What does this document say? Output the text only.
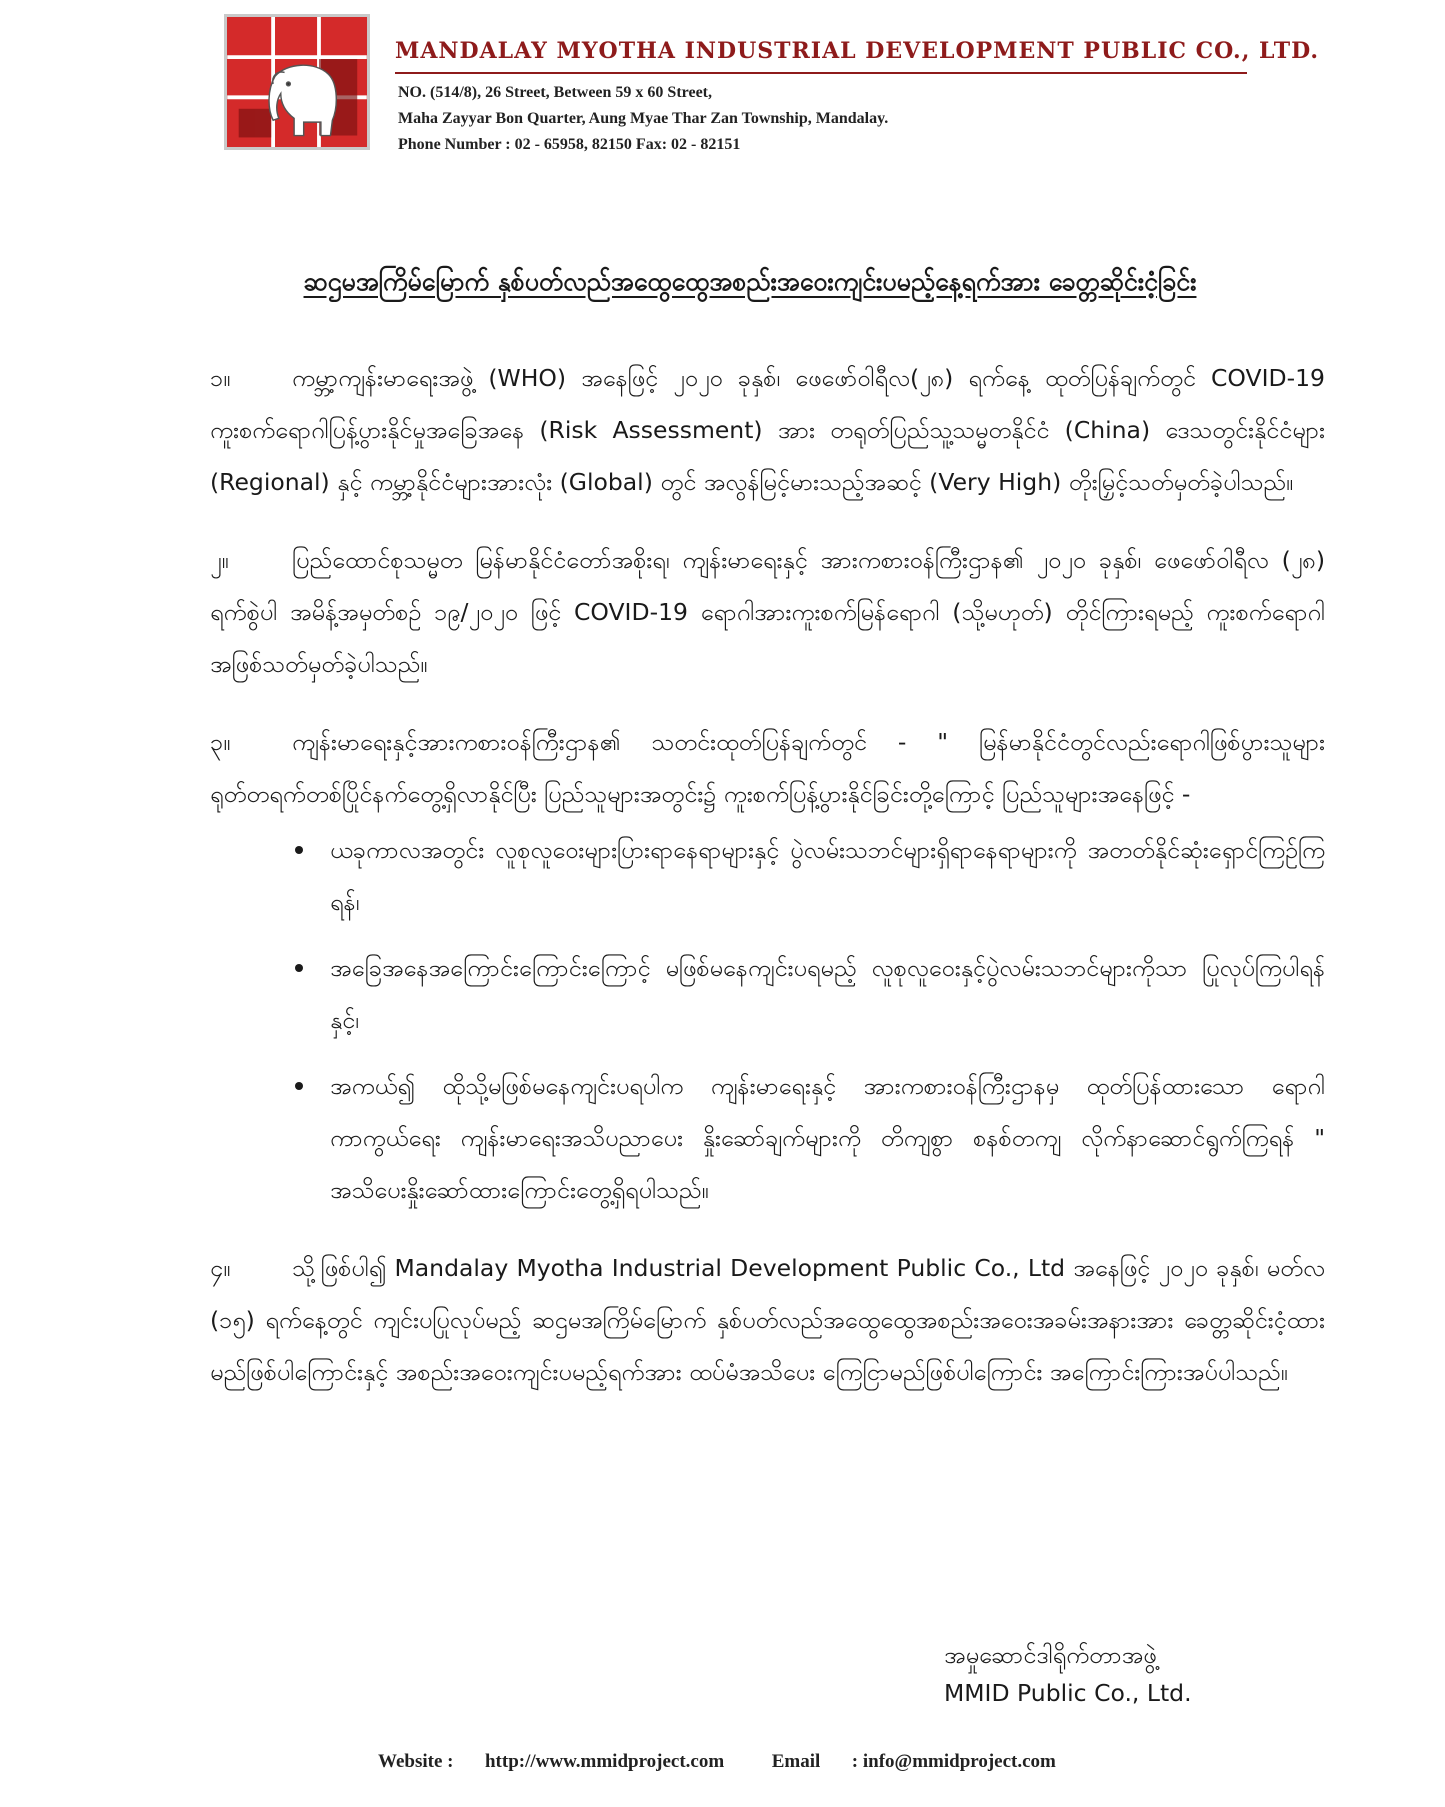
MANDALAY MYOTHA INDUSTRIAL DEVELOPMENT PUBLIC CO., LTD.
NO. (514/8), 26 Street, Between 59 x 60 Street,
Maha Zayyar Bon Quarter, Aung Myae Thar Zan Township, Mandalay.
Phone Number : 02 - 65958, 82150 Fax: 02 - 82151
ဆဌမအကြိမ်မြောက် နှစ်ပတ်လည်အထွေထွေအစည်းအဝေးကျင်းပမည့်နေ့ရက်အား ခေတ္တဆိုင်းငံ့ခြင်း

၁။	ကမ္ဘာ့ကျန်းမာရေးအဖွဲ့ (WHO) အနေဖြင့် ၂၀၂၀ ခုနှစ်၊ ဖေဖော်ဝါရီလ(၂၈) ရက်နေ့ ထုတ်ပြန်ချက်တွင် COVID-19 ကူးစက်ရောဂါပြန့်ပွားနိုင်မှုအခြေအနေ (Risk Assessment) အား တရုတ်ပြည်သူ့သမ္မတနိုင်ငံ (China) ဒေသတွင်းနိုင်ငံများ (Regional) နှင့် ကမ္ဘာ့နိုင်ငံများအားလုံး (Global) တွင် အလွန်မြင့်မားသည့်အဆင့် (Very High) တိုးမြှင့်သတ်မှတ်ခဲ့ပါသည်။

၂။	ပြည်ထောင်စုသမ္မတ မြန်မာနိုင်ငံတော်အစိုးရ၊ ကျန်းမာရေးနှင့် အားကစားဝန်ကြီးဌာန၏ ၂၀၂၀ ခုနှစ်၊ ဖေဖော်ဝါရီလ (၂၈) ရက်စွဲပါ အမိန့်အမှတ်စဉ် ၁၉/၂၀၂၀ ဖြင့် COVID-19 ရောဂါအားကူးစက်မြန်ရောဂါ (သို့မဟုတ်) တိုင်ကြားရမည့် ကူးစက်ရောဂါအဖြစ်သတ်မှတ်ခဲ့ပါသည်။

၃။	ကျန်းမာရေးနှင့်အားကစားဝန်ကြီးဌာန၏ သတင်းထုတ်ပြန်ချက်တွင် - " မြန်မာနိုင်ငံတွင်လည်းရောဂါဖြစ်ပွားသူများ ရုတ်တရက်တစ်ပြိုင်နက်တွေ့ရှိလာနိုင်ပြီး ပြည်သူများအတွင်း၌ ကူးစက်ပြန့်ပွားနိုင်ခြင်းတို့ကြောင့် ပြည်သူများအနေဖြင့် -

ယခုကာလအတွင်း လူစုလူဝေးများပြားရာနေရာများနှင့် ပွဲလမ်းသဘင်များရှိရာနေရာများကို အတတ်နိုင်ဆုံးရှောင်ကြဉ်ကြရန်၊
အခြေအနေအကြောင်းကြောင်းကြောင့် မဖြစ်မနေကျင်းပရမည့် လူစုလူဝေးနှင့်ပွဲလမ်းသဘင်များကိုသာ ပြုလုပ်ကြပါရန်နှင့်၊
အကယ်၍ ထိုသို့မဖြစ်မနေကျင်းပရပါက ကျန်းမာရေးနှင့် အားကစားဝန်ကြီးဌာနမှ ထုတ်ပြန်ထားသော ရောဂါကာကွယ်ရေး ကျန်းမာရေးအသိပညာပေး နှိုးဆော်ချက်များကို တိကျစွာ စနစ်တကျ လိုက်နာဆောင်ရွက်ကြရန် " အသိပေးနှိုးဆော်ထားကြောင်းတွေ့ရှိရပါသည်။

၄။	သို့ဖြစ်ပါ၍ Mandalay Myotha Industrial Development Public Co., Ltd အနေဖြင့် ၂၀၂၀ ခုနှစ်၊ မတ်လ (၁၅) ရက်နေ့တွင် ကျင်းပပြုလုပ်မည့် ဆဌမအကြိမ်မြောက် နှစ်ပတ်လည်အထွေထွေအစည်းအဝေးအခမ်းအနားအား ခေတ္တဆိုင်းငံ့ထားမည်ဖြစ်ပါကြောင်းနှင့် အစည်းအဝေးကျင်းပမည့်ရက်အား ထပ်မံအသိပေး ကြေငြာမည်ဖြစ်ပါကြောင်း အကြောင်းကြားအပ်ပါသည်။

အမှုဆောင်ဒါရိုက်တာအဖွဲ့
MMID Public Co., Ltd.
Website : http://www.mmidproject.com	Email : info@mmidproject.com
